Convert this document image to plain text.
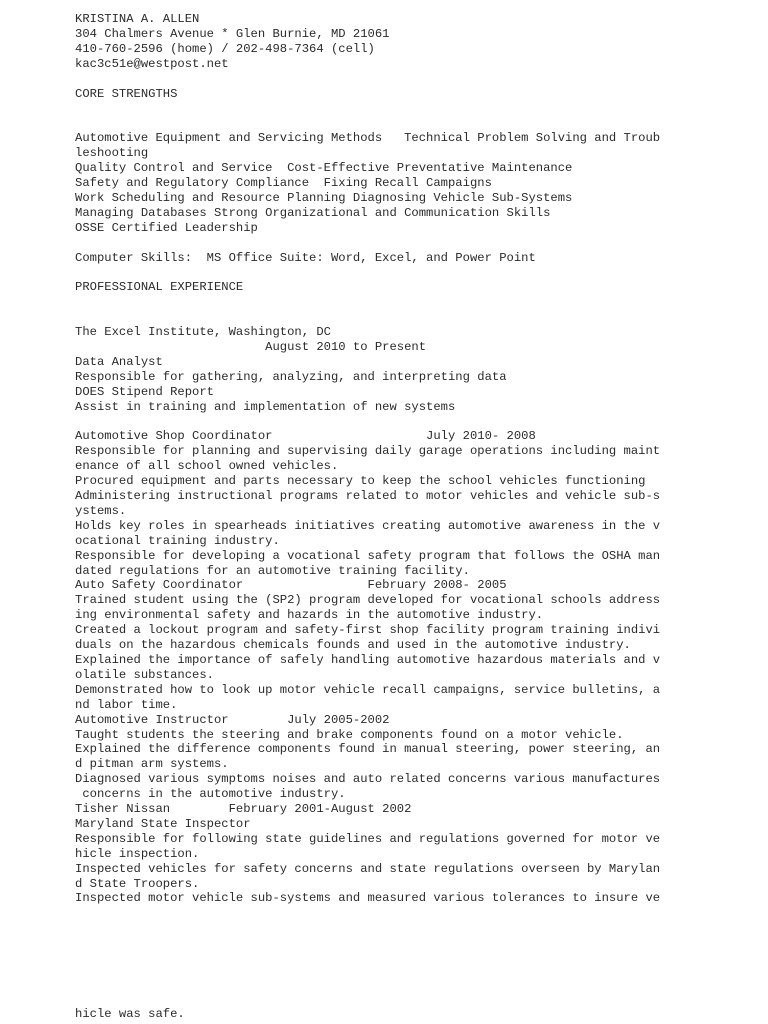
KRISTINA A. ALLEN
304 Chalmers Avenue * Glen Burnie, MD 21061
410-760-2596 (home) / 202-498-7364 (cell)
kac3c51e@westpost.net

CORE STRENGTHS

Automotive Equipment and Servicing Methods   Technical Problem Solving and Troub
leshooting
Quality Control and Service  Cost-Effective Preventative Maintenance
Safety and Regulatory Compliance  Fixing Recall Campaigns
Work Scheduling and Resource Planning Diagnosing Vehicle Sub-Systems
Managing Databases Strong Organizational and Communication Skills
OSSE Certified Leadership

Computer Skills:  MS Office Suite: Word, Excel, and Power Point

PROFESSIONAL EXPERIENCE

The Excel Institute, Washington, DC
August 2010 to Present
Data Analyst
Responsible for gathering, analyzing, and interpreting data
DOES Stipend Report
Assist in training and implementation of new systems

Automotive Shop Coordinator                     July 2010- 2008
Responsible for planning and supervising daily garage operations including maint
enance of all school owned vehicles.
Procured equipment and parts necessary to keep the school vehicles functioning
Administering instructional programs related to motor vehicles and vehicle sub-s
ystems.
Holds key roles in spearheads initiatives creating automotive awareness in the v
ocational training industry.
Responsible for developing a vocational safety program that follows the OSHA man
dated regulations for an automotive training facility.
Auto Safety Coordinator                 February 2008- 2005
Trained student using the (SP2) program developed for vocational schools address
ing environmental safety and hazards in the automotive industry.
Created a lockout program and safety-first shop facility program training indivi
duals on the hazardous chemicals founds and used in the automotive industry.
Explained the importance of safely handling automotive hazardous materials and v
olatile substances.
Demonstrated how to look up motor vehicle recall campaigns, service bulletins, a
nd labor time.
Automotive Instructor        July 2005-2002
Taught students the steering and brake components found on a motor vehicle.
Explained the difference components found in manual steering, power steering, an
d pitman arm systems.
Diagnosed various symptoms noises and auto related concerns various manufactures
concerns in the automotive industry.
Tisher Nissan        February 2001-August 2002
Maryland State Inspector
Responsible for following state guidelines and regulations governed for motor ve
hicle inspection.
Inspected vehicles for safety concerns and state regulations overseen by Marylan
d State Troopers.
Inspected motor vehicle sub-systems and measured various tolerances to insure ve
hicle was safe.
